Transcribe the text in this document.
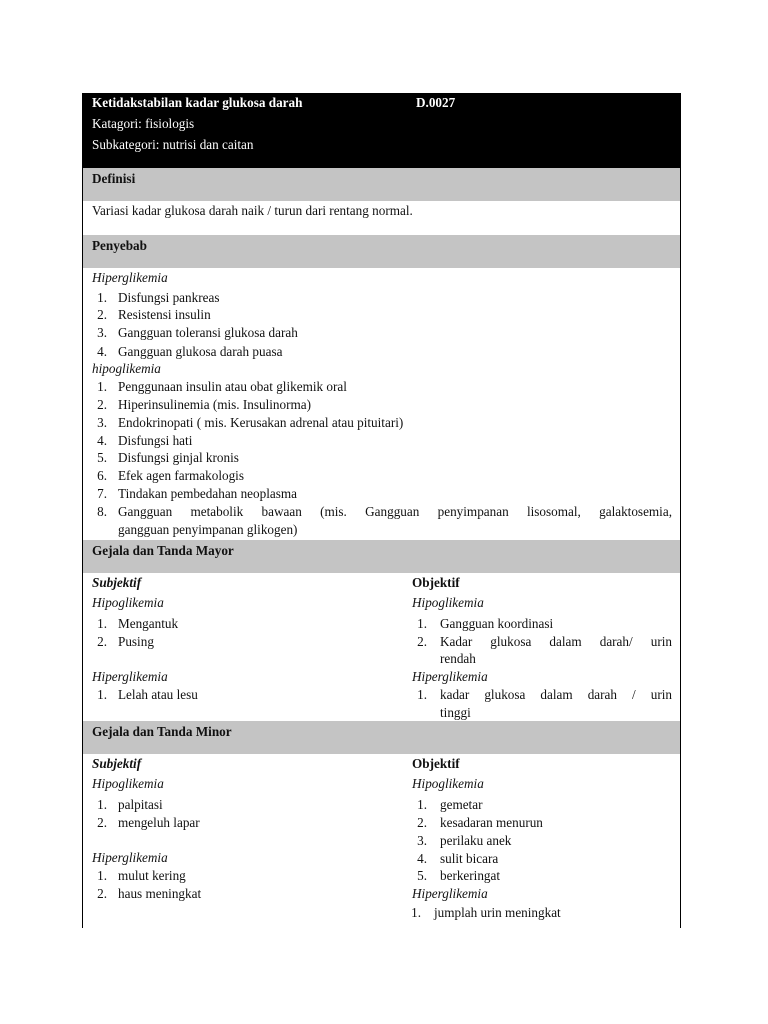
Ketidakstabilan kadar glukosa darah	D.0027
Katagori: fisiologis
Subkategori: nutrisi dan caitan
Definisi
Variasi kadar glukosa darah naik / turun dari rentang normal.
Penyebab
Hiperglikemia
1. Disfungsi pankreas
2. Resistensi insulin
3. Gangguan toleransi glukosa darah
4. Gangguan glukosa darah puasa
hipoglikemia
1. Penggunaan insulin atau obat glikemik oral
2. Hiperinsulinemia (mis. Insulinorma)
3. Endokrinopati ( mis. Kerusakan adrenal atau pituitari)
4. Disfungsi hati
5. Disfungsi ginjal kronis
6. Efek agen farmakologis
7. Tindakan pembedahan neoplasma
8. Gangguan metabolik bawaan (mis. Gangguan penyimpanan lisosomal, galaktosemia,
gangguan penyimpanan glikogen)
Gejala dan Tanda Mayor
Subjektif
Hipoglikemia
1. Mengantuk
2. Pusing
Hiperglikemia
1. Lelah atau lesu
Objektif
Hipoglikemia
1. Gangguan koordinasi
2. Kadar glukosa dalam darah/ urin
rendah
Hiperglikemia
1. kadar glukosa dalam darah / urin
tinggi
Gejala dan Tanda Minor
Subjektif
Hipoglikemia
1. palpitasi
2. mengeluh lapar
Hiperglikemia
1. mulut kering
2. haus meningkat
Objektif
Hipoglikemia
1. gemetar
2. kesadaran menurun
3. perilaku anek
4. sulit bicara
5. berkeringat
Hiperglikemia
1. jumplah urin meningkat
